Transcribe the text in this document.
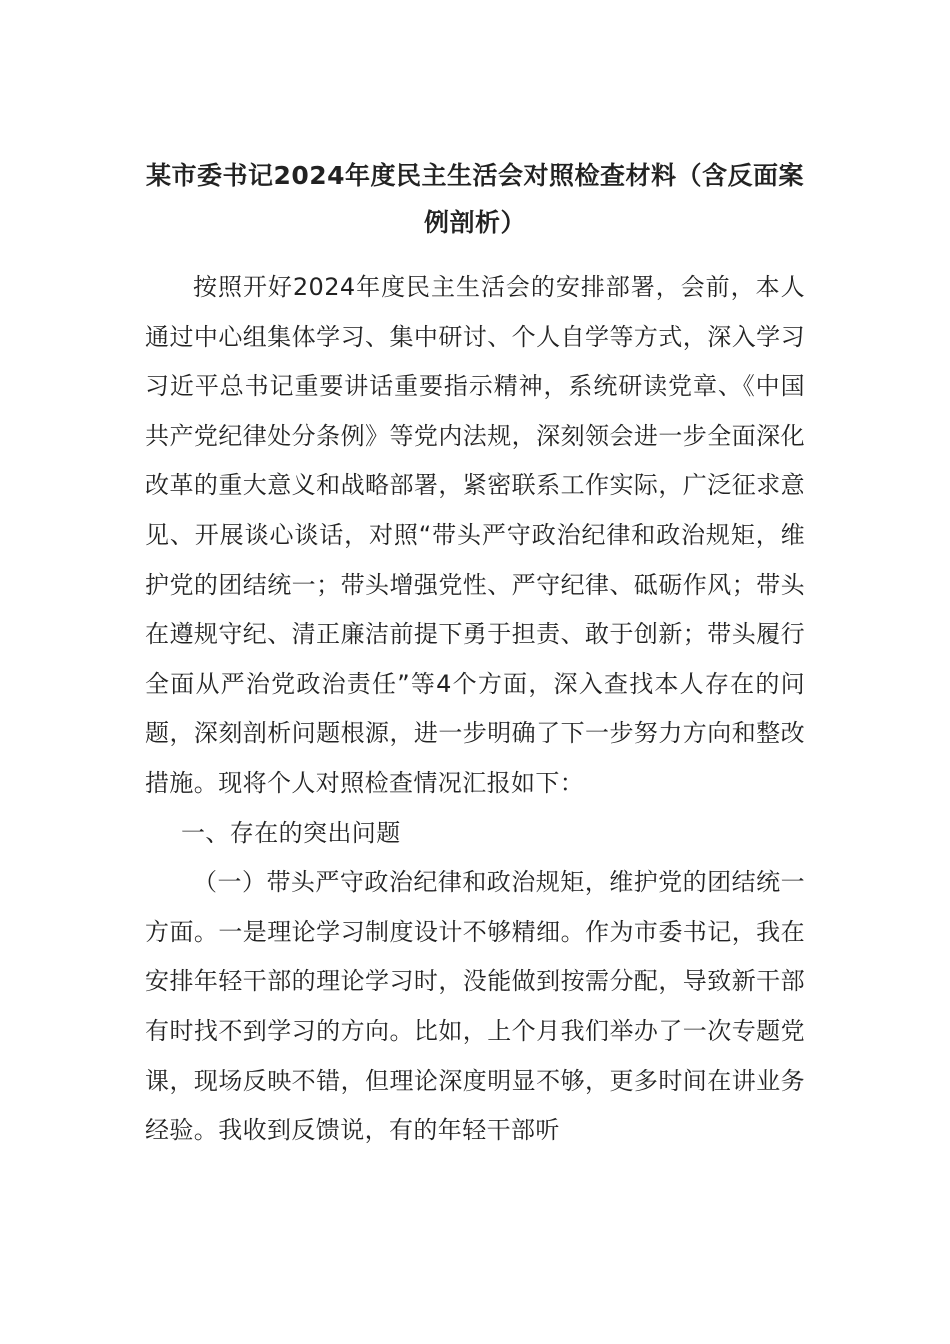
某市委书记2024年度民主生活会对照检查材料（含反面案例剖析）

按照开好2024年度民主生活会的安排部署，会前，本人通过中心组集体学习、集中研讨、个人自学等方式，深入学习习近平总书记重要讲话重要指示精神，系统研读党章、《中国共产党纪律处分条例》等党内法规，深刻领会进一步全面深化改革的重大意义和战略部署，紧密联系工作实际，广泛征求意见、开展谈心谈话，对照“带头严守政治纪律和政治规矩，维护党的团结统一；带头增强党性、严守纪律、砥砺作风；带头在遵规守纪、清正廉洁前提下勇于担责、敢于创新；带头履行全面从严治党政治责任”等4个方面，深入查找本人存在的问题，深刻剖析问题根源，进一步明确了下一步努力方向和整改措施。现将个人对照检查情况汇报如下：

一、存在的突出问题

（一）带头严守政治纪律和政治规矩，维护党的团结统一方面。一是理论学习制度设计不够精细。作为市委书记，我在安排年轻干部的理论学习时，没能做到按需分配，导致新干部有时找不到学习的方向。比如，上个月我们举办了一次专题党课，现场反映不错，但理论深度明显不够，更多时间在讲业务经验。我收到反馈说，有的年轻干部听
